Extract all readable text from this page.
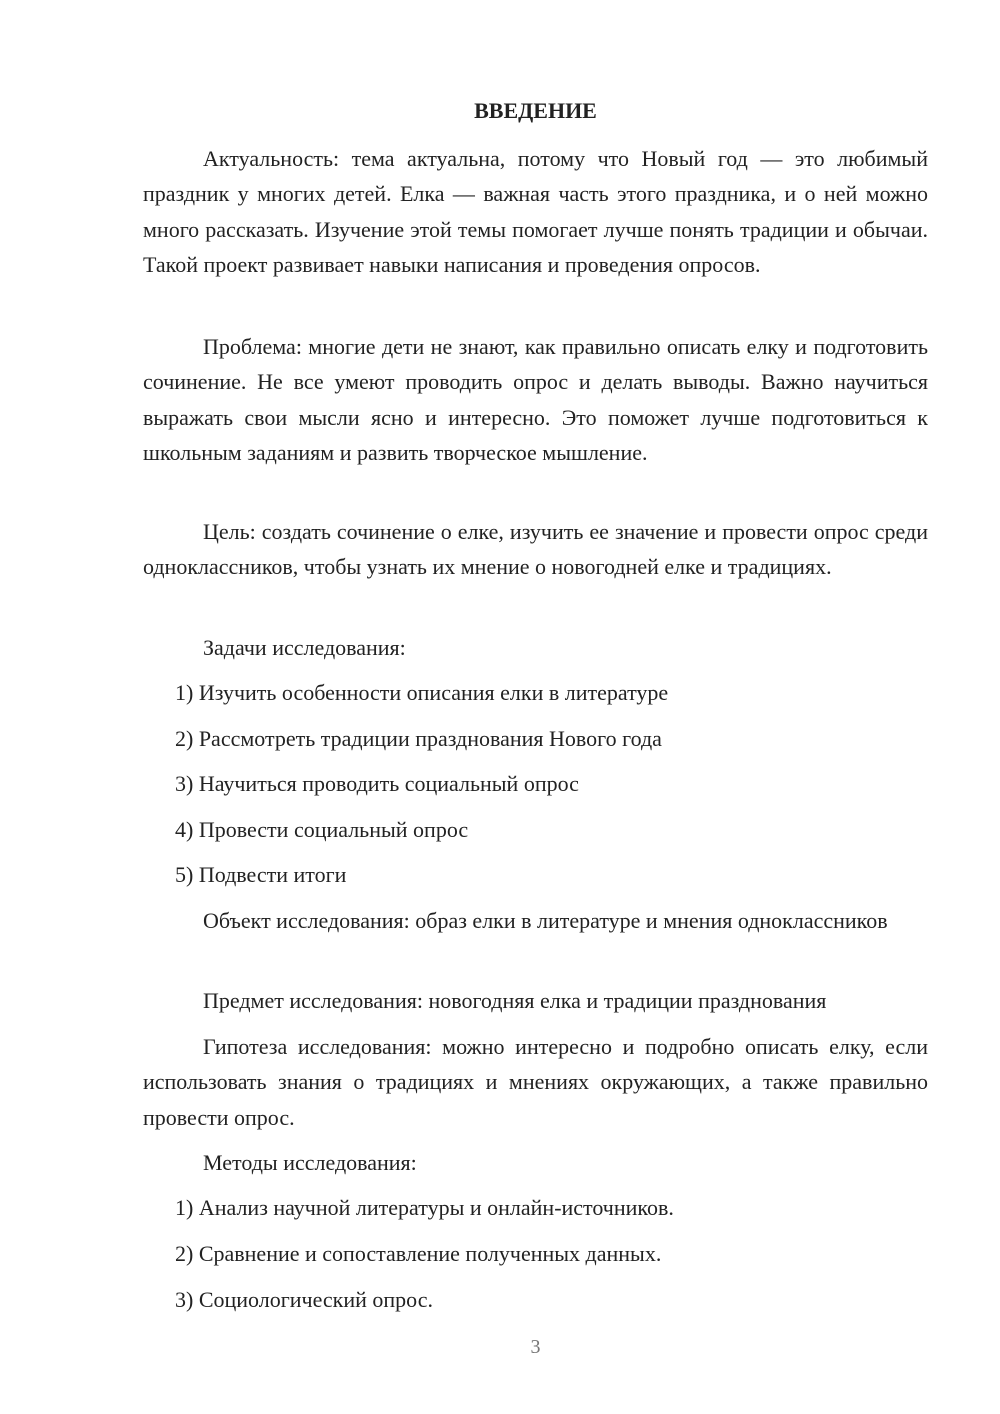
ВВЕДЕНИЕ

Актуальность: тема актуальна, потому что Новый год — это любимый праздник у многих детей. Елка — важная часть этого праздника, и о ней можно много рассказать. Изучение этой темы помогает лучше понять традиции и обычаи. Такой проект развивает навыки написания и проведения опросов.

Проблема: многие дети не знают, как правильно описать елку и подготовить сочинение. Не все умеют проводить опрос и делать выводы. Важно научиться выражать свои мысли ясно и интересно. Это поможет лучше подготовиться к школьным заданиям и развить творческое мышление.

Цель: создать сочинение о елке, изучить ее значение и провести опрос среди одноклассников, чтобы узнать их мнение о новогодней елке и традициях.

Задачи исследования:

1) Изучить особенности описания елки в литературе

2) Рассмотреть традиции празднования Нового года

3) Научиться проводить социальный опрос

4) Провести социальный опрос

5) Подвести итоги

Объект исследования: образ елки в литературе и мнения одноклассников

Предмет исследования: новогодняя елка и традиции празднования

Гипотеза исследования: можно интересно и подробно описать елку, если использовать знания о традициях и мнениях окружающих, а также правильно провести опрос.

Методы исследования:

1) Анализ научной литературы и онлайн-источников.

2) Сравнение и сопоставление полученных данных.

3) Социологический опрос.

3
